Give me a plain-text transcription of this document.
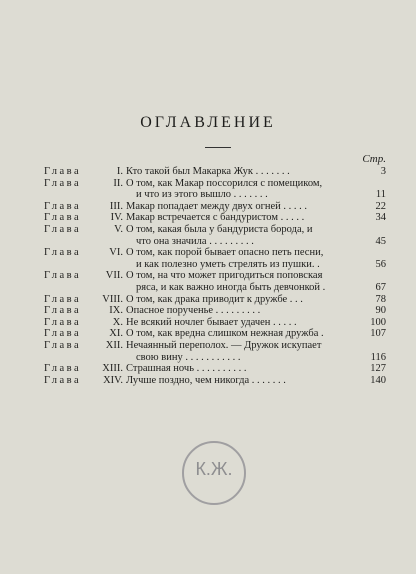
ОГЛАВЛЕНИЕ
Стр.
Глава	I. Кто такой был Макарка Жук . . . . . . .	3
Глава	II. О том, как Макар поссорился с помещиком,
и что из этого вышло . . . . . . .	11
Глава	III. Макар попадает между двух огней . . . . .	22
Глава	IV. Макар встречается с бандуристом . . . . .	34
Глава	V. О том, какая была у бандуриста борода, и
что она значила . . . . . . . . .	45
Глава	VI. О том, как порой бывает опасно петь песни,
и как полезно уметь стрелять из пушки. .	56
Глава VII. О том, на что может пригодиться поповская
ряса, и как важно иногда быть девчонкой .	67
Глава VIII. О том, как драка приводит к дружбе . . .	78
Глава	IX. Опасное порученье . . . . . . . . .	90
Глава	X. Не всякий ночлег бывает удачен . . . . .	100
Глава	XI. О том, как вредна слишком нежная дружба .	107
Глава XII. Нечаянный переполох. — Дружок искупает
свою вину . . . . . . . . . . .	116
Глава XIII. Страшная ночь . . . . . . . . . .	127
Глава XIV. Лучше поздно, чем никогда . . . . . . .	140
К.Ж.
